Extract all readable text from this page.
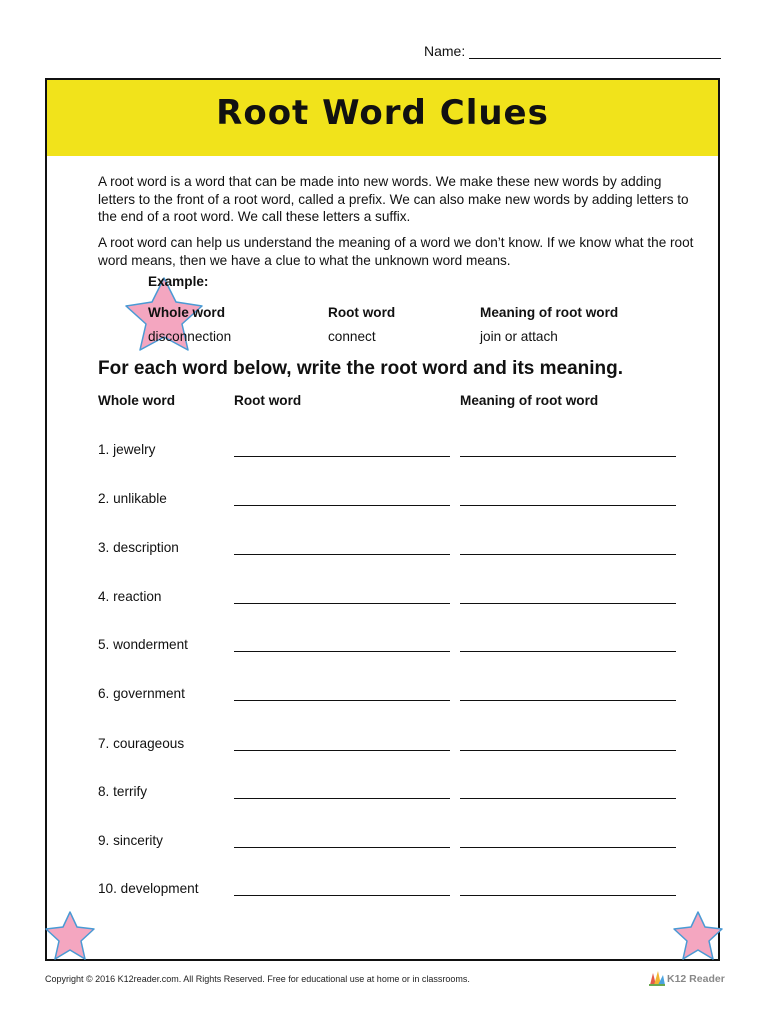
Name:
Root Word Clues
A root word is a word that can be made into new words. We make these new words by adding letters to the front of a root word, called a prefix. We can also make new words by adding letters to the end of a root word. We call these letters a suffix.
A root word can help us understand the meaning of a word we don’t know. If we know what the root word means, then we have a clue to what the unknown word means.
Example:
Whole word	Root word	Meaning of root word
disconnection	connect	join or attach
For each word below, write the root word and its meaning.
Whole word	Root word	Meaning of root word
1. jewelry
2. unlikable
3. description
4. reaction
5. wonderment
6. government
7. courageous
8. terrify
9. sincerity
10. development
Copyright © 2016 K12reader.com. All Rights Reserved. Free for educational use at home or in classrooms.	K12 Reader
